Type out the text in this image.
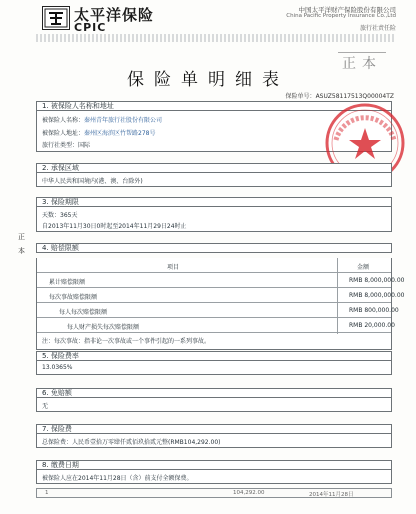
太平洋保险
CPIC
中国太平洋财产保险股份有限公司
China Pacific Property Insurance Co.,Ltd
旅行社责任险
保险单明细表
正本
保险单号：ASUZ58117513Q00004TZ
正
本
1. 被保险人名称和地址
被保险人名称：秦州青年旅行社股份有限公司
被保险人地址：秦州区海滨区竹帮路278号
旅行社类型：国际
2. 承保区域
中华人民共和国境内(港、澳、台除外)
3. 保险期限
天数：365天
自2013年11月30日0时起至2014年11月29日24时止
4. 赔偿限额
项目	金额
累计赔偿限额	RMB 8,000,000.00
每次事故赔偿限额	RMB 8,000,000.00
每人每次赔偿限额	RMB 800,000.00
每人财产损失每次赔偿限额	RMB 20,000.00
注：每次事故：指非论一次事故或一个事件引起的一系列事故。
5. 保险费率
13.0365%
6. 免赔额
无
7. 保险费
总保险费：人民币壹拾万零肆仟贰佰玖拾贰元整(RMB104,292.00)
8. 缴费日期
被保险人应在2014年11月28日（含）前支付全额保费。
1	104,292.00	2014年11月28日
